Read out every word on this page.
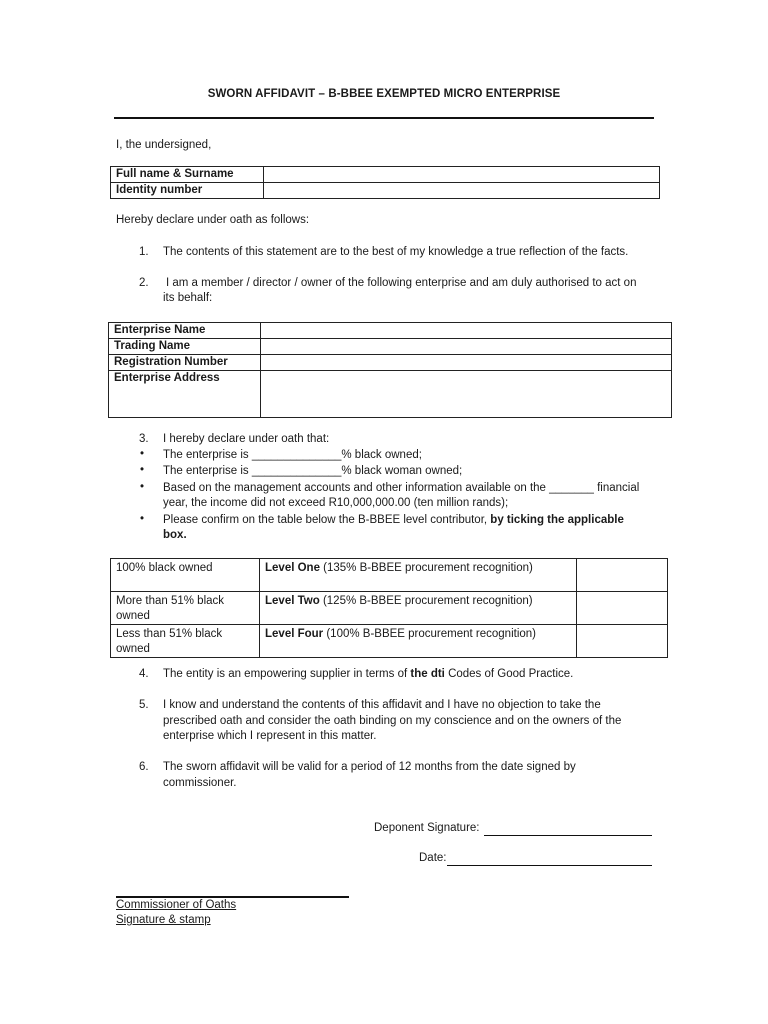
SWORN AFFIDAVIT – B-BBEE EXEMPTED MICRO ENTERPRISE
I, the undersigned,
Full name & Surname	
Identity number	
Hereby declare under oath as follows:
1. The contents of this statement are to the best of my knowledge a true reflection of the facts.
2. I am a member / director / owner of the following enterprise and am duly authorised to act on
its behalf:
Enterprise Name	
Trading Name	
Registration Number	
Enterprise Address	
3. I hereby declare under oath that:
• The enterprise is ______________% black owned;
• The enterprise is ______________% black woman owned;
• Based on the management accounts and other information available on the _______ financial
year, the income did not exceed R10,000,000.00 (ten million rands);
• Please confirm on the table below the B-BBEE level contributor, by ticking the applicable
box.
100% black owned	Level One (135% B-BBEE procurement recognition)	
More than 51% black
owned	Level Two (125% B-BBEE procurement recognition)	
Less than 51% black
owned	Level Four (100% B-BBEE procurement recognition)	
4. The entity is an empowering supplier in terms of the dti Codes of Good Practice.
5. I know and understand the contents of this affidavit and I have no objection to take the
prescribed oath and consider the oath binding on my conscience and on the owners of the
enterprise which I represent in this matter.
6. The sworn affidavit will be valid for a period of 12 months from the date signed by
commissioner.
Deponent Signature:
Date:
Commissioner of Oaths
Signature & stamp
